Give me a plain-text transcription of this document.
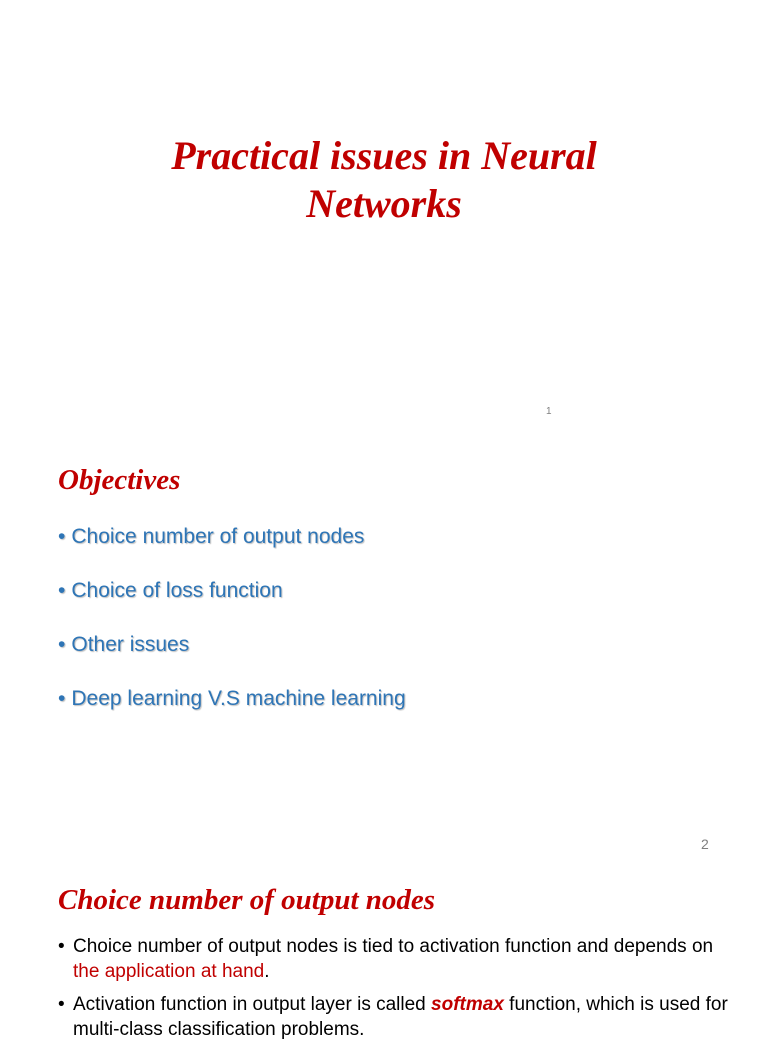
Practical issues in Neural
Networks
1
Objectives
• Choice number of output nodes
• Choice of loss function
• Other issues
• Deep learning V.S machine learning
2
Choice number of output nodes
• Choice number of output nodes is tied to activation function and depends on the application at hand.
• Activation function in output layer is called softmax function, which is used for multi-class classification problems.
